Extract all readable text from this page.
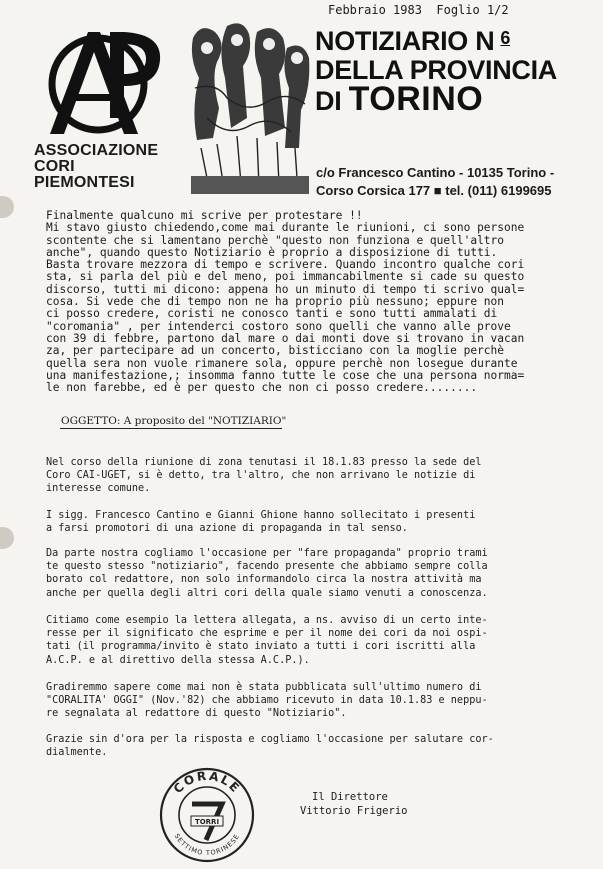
ASSOCIAZIONE
CORI
PIEMONTESI
Febbraio 1983 Foglio 1/2
NOTIZIARIO N $^6$
DELLA PROVINCIA
DI TORINO
c/o Francesco Cantino - 10135 Torino -
Corso Corsica 177 ■ tel. (011) 6199695
Finalmente qualcuno mi scrive per protestare !!
Mi stavo giusto chiedendo,come mai durante le riunioni, ci sono persone
scontente che si lamentano perchè "questo non funziona e quell'altro
anche", quando questo Notiziario è proprio a disposizione di tutti.
Basta trovare mezzora di tempo e scrivere. Quando incontro qualche cori
sta, si parla del più e del meno, poi immancabilmente si cade su questo
discorso, tutti mi dicono: appena ho un minuto di tempo ti scrivo qual=
cosa. Si vede che di tempo non ne ha proprio più nessuno; eppure non
ci posso credere, coristi ne conosco tanti e sono tutti ammalati di
"coromania" , per intenderci costoro sono quelli che vanno alle prove
con 39 di febbre, partono dal mare o dai monti dove si trovano in vacan
za, per partecipare ad un concerto, bisticciano con la moglie perchè
quella sera non vuole rimanere sola, oppure perchè non losegue durante
una manifestazione,; insomma fanno tutte le cose che una persona norma=
le non farebbe, ed è per questo che non ci posso credere........
OGGETTO: A proposito del "NOTIZIARIO"
Nel corso della riunione di zona tenutasi il 18.1.83 presso la sede del
Coro CAI-UGET, si è detto, tra l'altro, che non arrivano le notizie di
interesse comune.
I sigg. Francesco Cantino e Gianni Ghione hanno sollecitato i presenti
a farsi promotori di una azione di propaganda in tal senso.
Da parte nostra cogliamo l'occasione per "fare propaganda" proprio trami
te questo stesso "notiziario", facendo presente che abbiamo sempre colla
borato col redattore, non solo informandolo circa la nostra attività ma
anche per quella degli altri cori della quale siamo venuti a conoscenza.
Citiamo come esempio la lettera allegata, a ns. avviso di un certo inte-
resse per il significato che esprime e per il nome dei cori da noi ospi-
tati (il programma/invito è stato inviato a tutti i cori iscritti alla
A.C.P. e al direttivo della stessa A.C.P.).
Gradiremmo sapere come mai non è stata pubblicata sull'ultimo numero di
"CORALITA' OGGI" (Nov.'82) che abbiamo ricevuto in data 10.1.83 e neppu-
re segnalata al redattore di questo "Notiziario".
Grazie sin d'ora per la risposta e cogliamo l'occasione per salutare cor-
dialmente.
CORALE
SETTIMO TORINESE
TORRI
Il Direttore
Vittorio Frigerio
